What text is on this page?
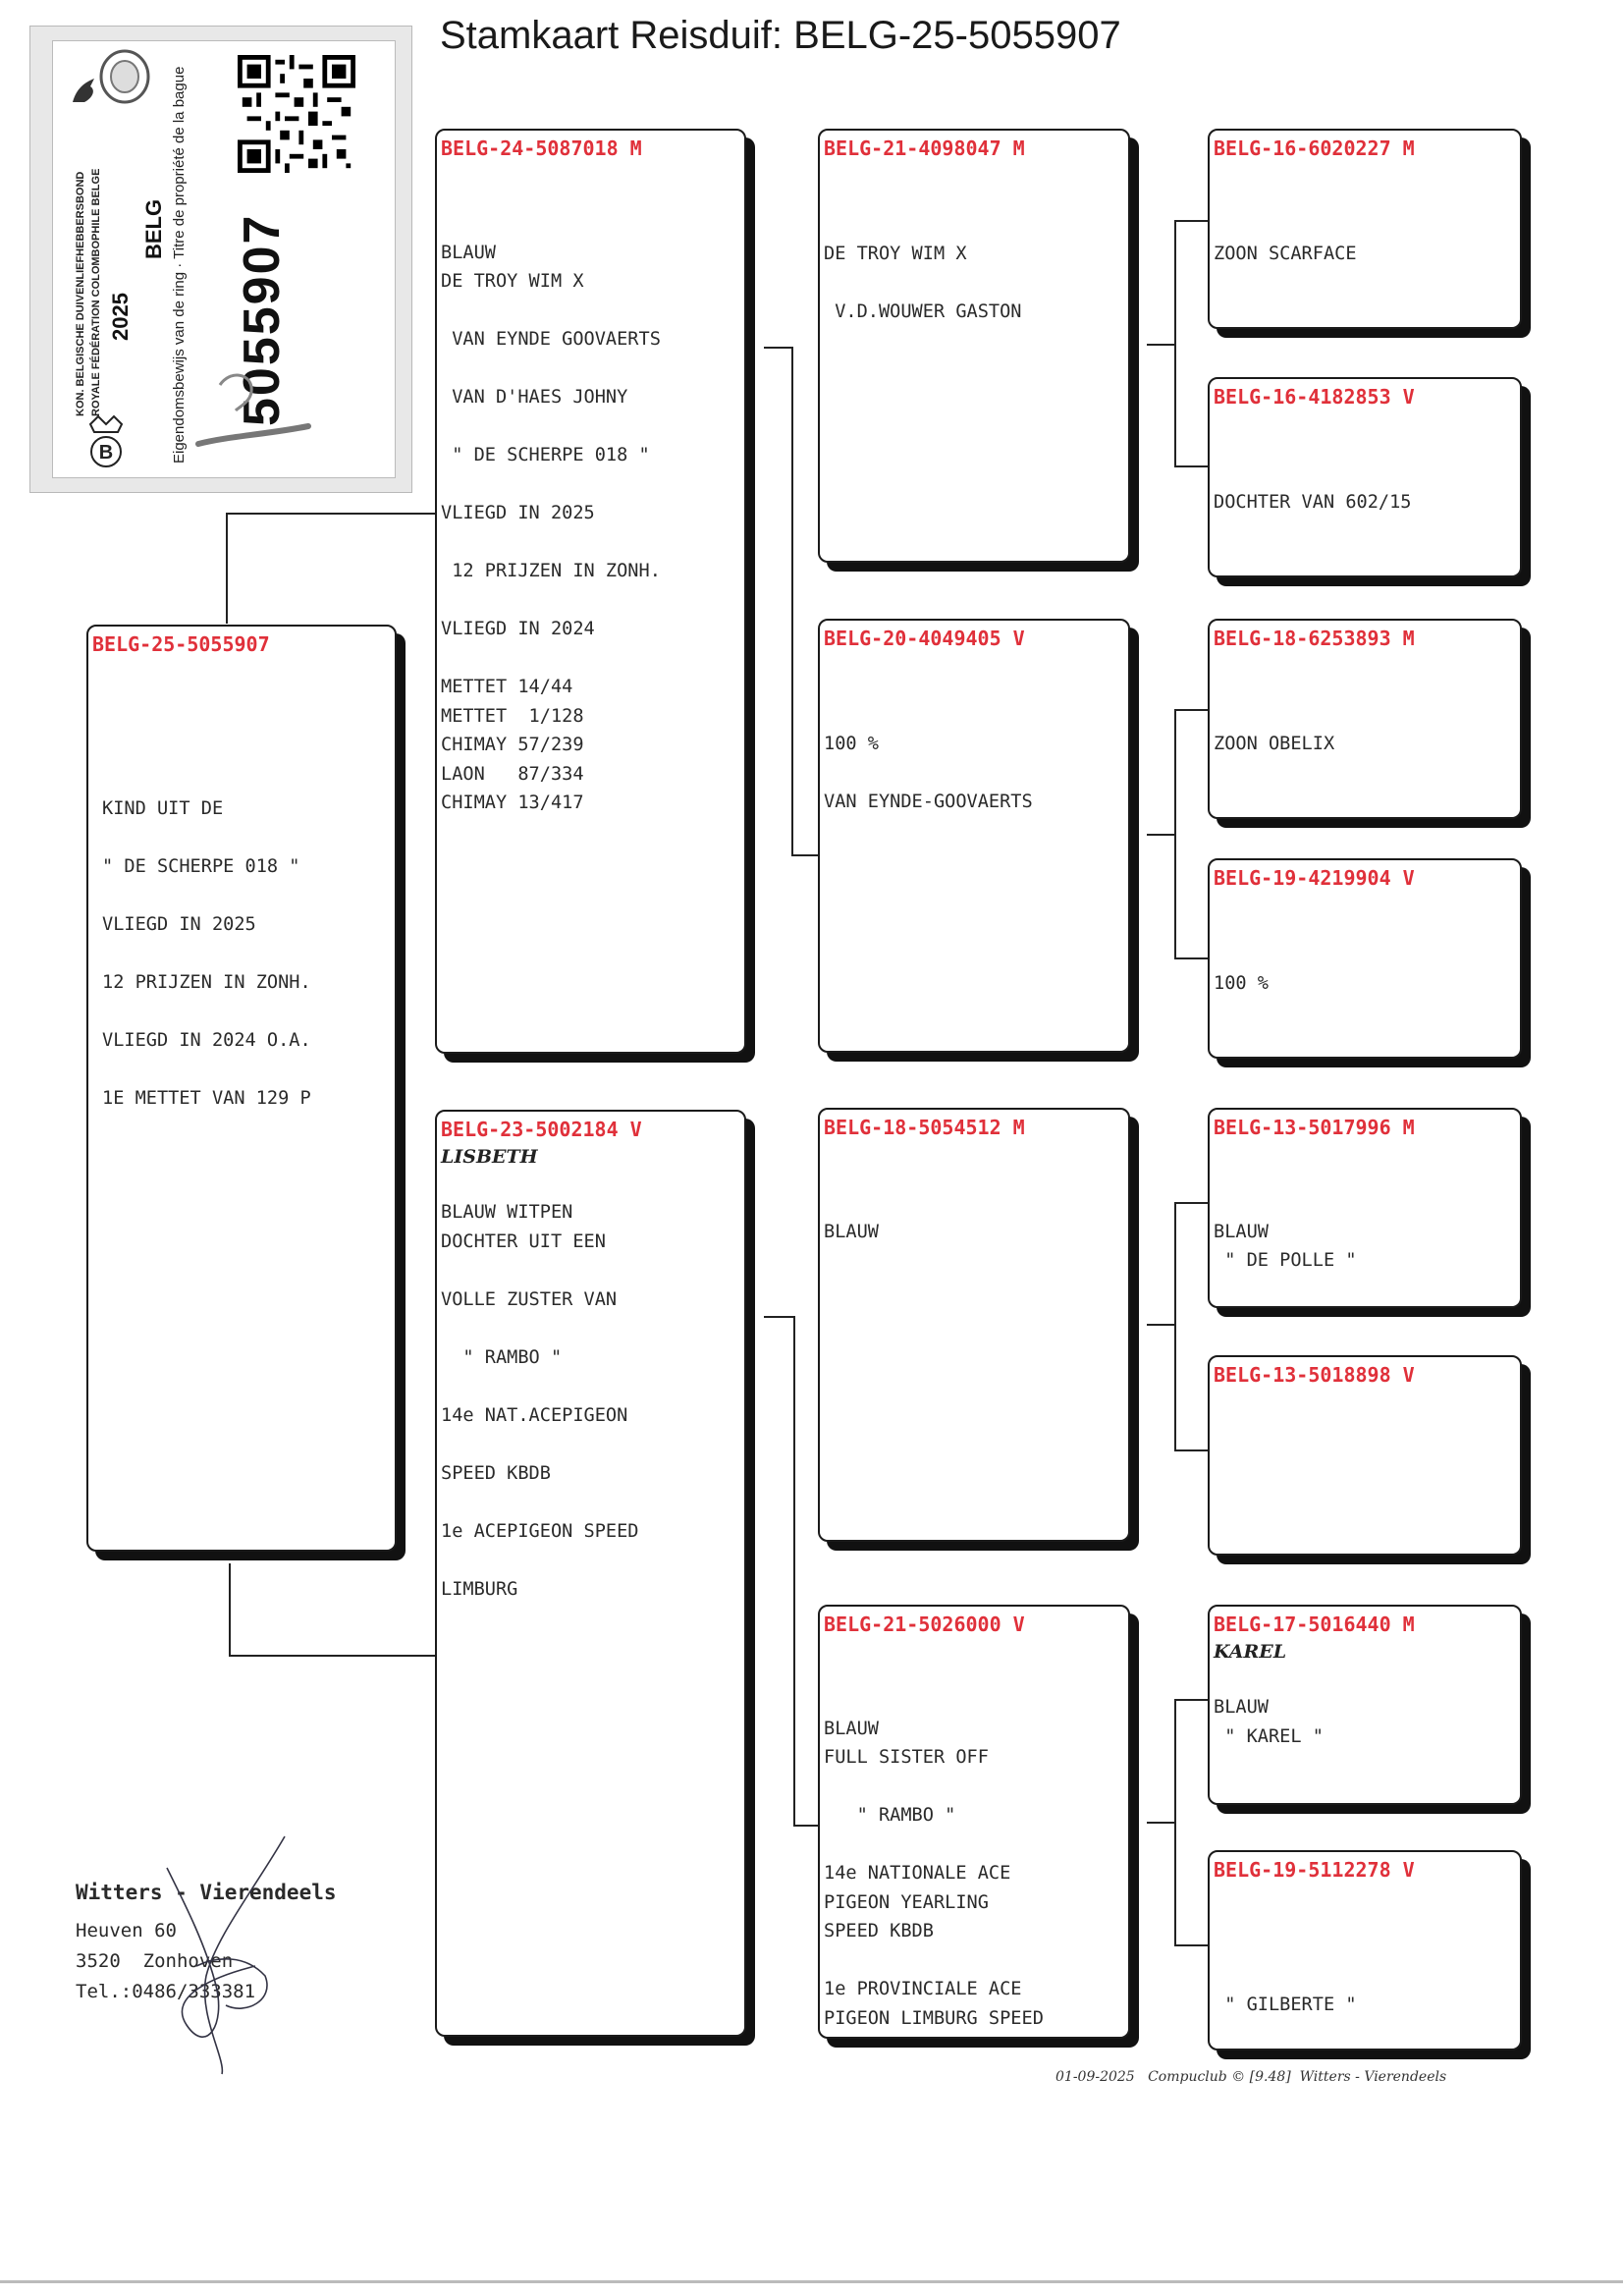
Stamkaart Reisduif: BELG-25-5055907
KON. BELGISCHE DUIVENLIEFHEBBERSBOND ROYALE FÉDÉRATION COLOMBOPHILE BELGE 2025
BELG Eigendomsbewijs van de ring · Titre de propriété de la bague 5055907
B
BELG-25-5055907

KIND UIT DE

" DE SCHERPE 018 "

VLIEGD IN 2025

12 PRIJZEN IN ZONH.

VLIEGD IN 2024 O.A.

1E METTET VAN 129 P
BELG-24-5087018 M

BLAUW
DE TROY WIM X

VAN EYNDE GOOVAERTS

VAN D'HAES JOHNY

" DE SCHERPE 018 "

VLIEGD IN 2025

12 PRIJZEN IN ZONH.

VLIEGD IN 2024

METTET 14/44
METTET  1/128
CHIMAY 57/239
LAON   87/334
CHIMAY 13/417
BELG-23-5002184 V
LISBETH
BLAUW WITPEN
DOCHTER UIT EEN

VOLLE ZUSTER VAN

" RAMBO "

14e NAT.ACEPIGEON

SPEED KBDB

1e ACEPIGEON SPEED

LIMBURG
BELG-21-4098047 M

DE TROY WIM X

V.D.WOUWER GASTON
BELG-20-4049405 V

100 %

VAN EYNDE-GOOVAERTS
BELG-18-5054512 M

BLAUW
BELG-21-5026000 V

BLAUW
FULL SISTER OFF

" RAMBO "

14e NATIONALE ACE
PIGEON YEARLING
SPEED KBDB

1e PROVINCIALE ACE
PIGEON LIMBURG SPEED
BELG-16-6020227 M

ZOON SCARFACE
BELG-16-4182853 V

DOCHTER VAN 602/15
BELG-18-6253893 M

ZOON OBELIX
BELG-19-4219904 V

100 %
BELG-13-5017996 M

BLAUW
" DE POLLE "
BELG-13-5018898 V
BELG-17-5016440 M
KAREL
BLAUW
" KAREL "
BELG-19-5112278 V

" GILBERTE "
Witters - Vierendeels
Heuven 60
3520  Zonhoven
Tel.:0486/333381
01-09-2025   Compuclub © [9.48]  Witters - Vierendeels
